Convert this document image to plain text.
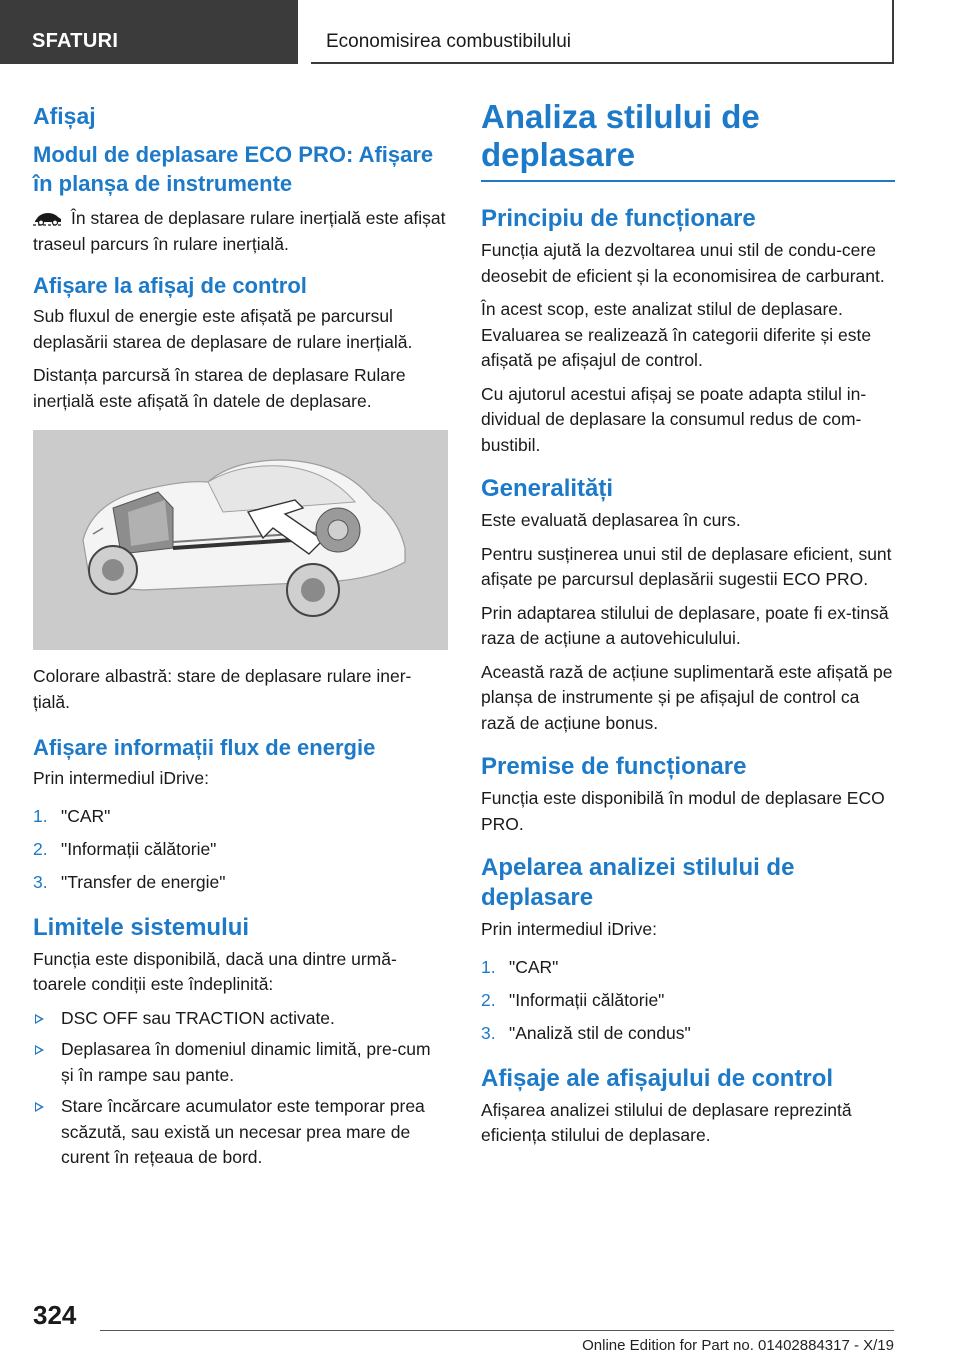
SFATURI	Economisirea combustibilului
Afișaj
Modul de deplasare ECO PRO: Afișare în planșa de instrumente

În starea de deplasare rulare inerțială este afișat traseul parcurs în rulare inerțială.

Afișare la afișaj de control

Sub fluxul de energie este afișată pe parcursul deplasării starea de deplasare de rulare inerțială.

Distanța parcursă în starea de deplasare Rulare inerțială este afișată în datele de deplasare.

Colorare albastră: stare de deplasare rulare iner-țială.

Afișare informații flux de energie

Prin intermediul iDrive:

1. "CAR"
2. "Informații călătorie"
3. "Transfer de energie"
Limitele sistemului

Funcția este disponibilă, dacă una dintre urmă-toarele condiții este îndeplinită:

DSC OFF sau TRACTION activate.
Deplasarea în domeniul dinamic limită, pre-cum și în rampe sau pante.
Stare încărcare acumulator este temporar prea scăzută, sau există un necesar prea mare de curent în rețeaua de bord.
Analiza stilului de deplasare
Principiu de funcționare

Funcția ajută la dezvoltarea unui stil de condu-cere deosebit de eficient și la economisirea de carburant.

În acest scop, este analizat stilul de deplasare. Evaluarea se realizează în categorii diferite și este afișată pe afișajul de control.

Cu ajutorul acestui afișaj se poate adapta stilul in-dividual de deplasare la consumul redus de com-bustibil.

Generalități

Este evaluată deplasarea în curs.

Pentru susținerea unui stil de deplasare eficient, sunt afișate pe parcursul deplasării sugestii ECO PRO.

Prin adaptarea stilului de deplasare, poate fi ex-tinsă raza de acțiune a autovehiculului.

Această rază de acțiune suplimentară este afișată pe planșa de instrumente și pe afișajul de control ca rază de acțiune bonus.

Premise de funcționare

Funcția este disponibilă în modul de deplasare ECO PRO.

Apelarea analizei stilului de deplasare

Prin intermediul iDrive:

1. "CAR"
2. "Informații călătorie"
3. "Analiză stil de condus"
Afișaje ale afișajului de control

Afișarea analizei stilului de deplasare reprezintă eficiența stilului de deplasare.

324
Online Edition for Part no. 01402884317 - X/19
